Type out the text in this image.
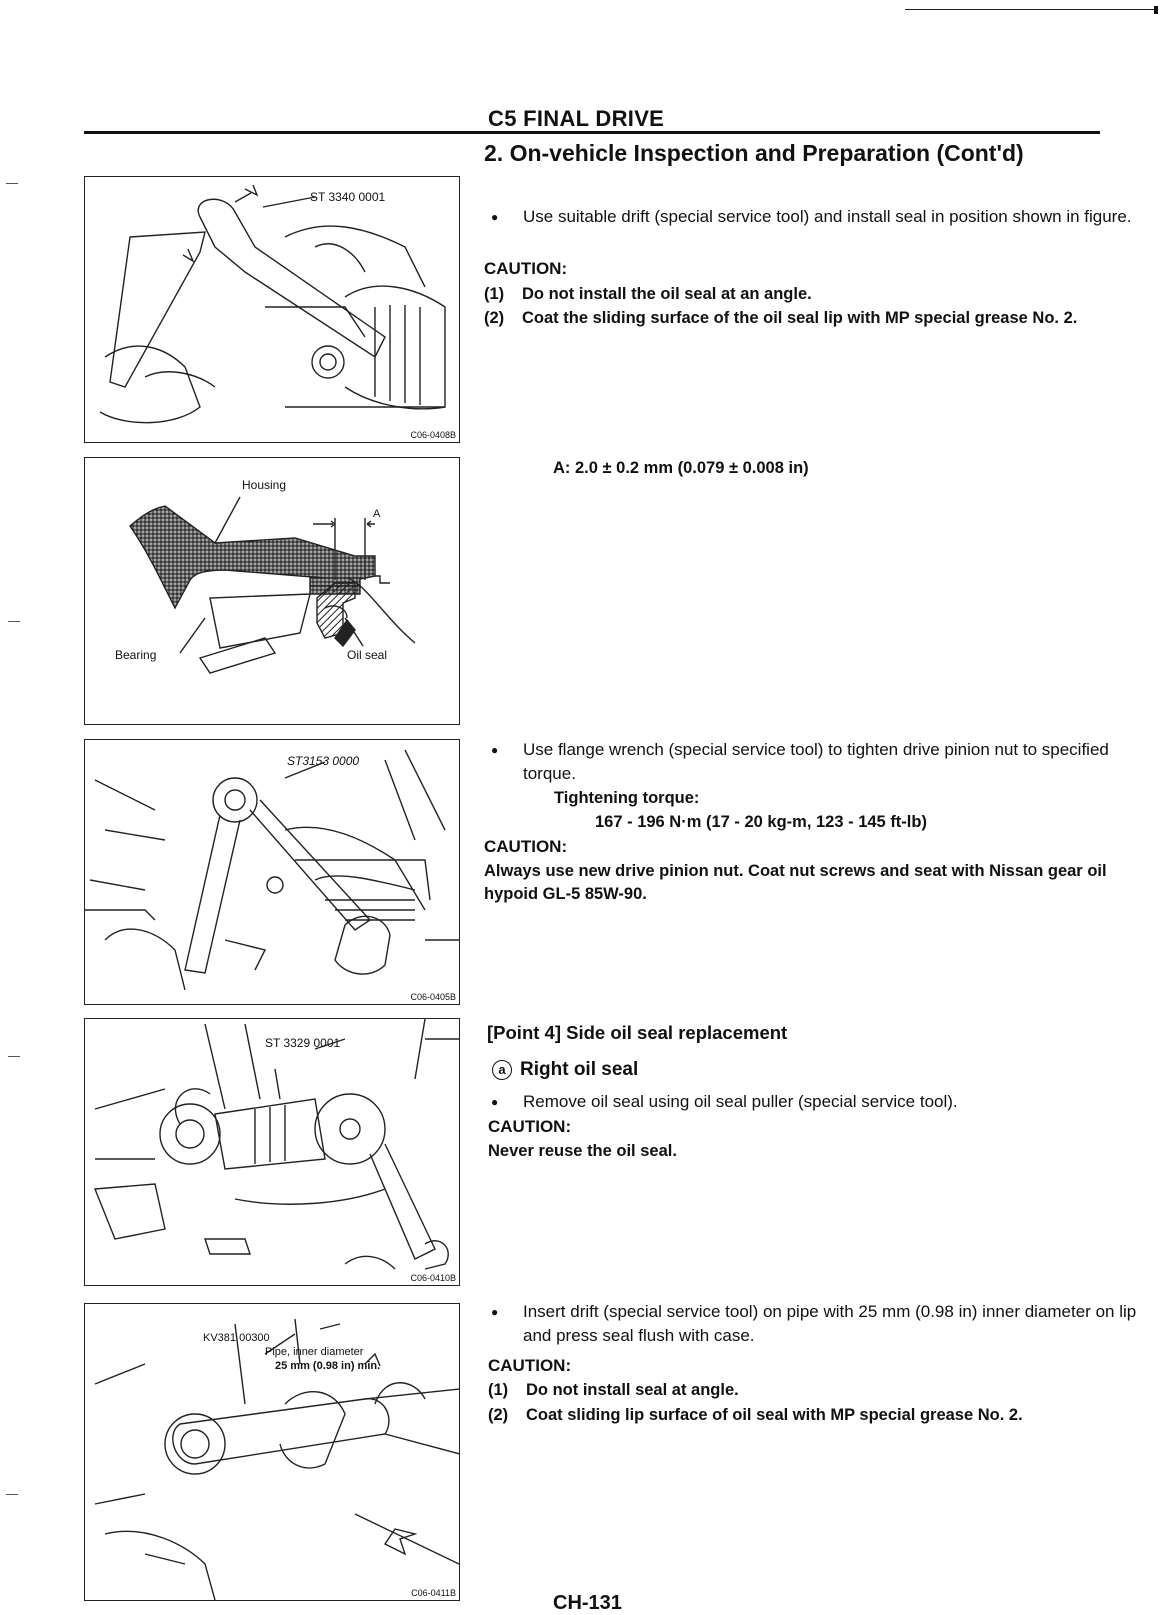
C5 FINAL DRIVE
2. On-vehicle Inspection and Preparation (Cont'd)
ST 3340 0001
C06-0408B
Housing
A
Bearing	Oil seal
ST3153 0000
C06-0405B
ST 3329 0001
C06-0410B
KV381 00300
Pipe, inner diameter
25 mm (0.98 in) min.
C06-0411B
● Use suitable drift (special service tool) and install seal in position shown in figure.
CAUTION:
(1) Do not install the oil seal at an angle.
(2) Coat the sliding surface of the oil seal lip with MP special grease No. 2.
A: 2.0 ± 0.2 mm (0.079 ± 0.008 in)
● Use flange wrench (special service tool) to tighten drive pinion nut to specified torque.
Tightening torque:
167 - 196 N·m (17 - 20 kg-m, 123 - 145 ft-lb)
CAUTION:
Always use new drive pinion nut. Coat nut screws and seat with Nissan gear oil hypoid GL-5 85W-90.
[Point 4] Side oil seal replacement
a Right oil seal
● Remove oil seal using oil seal puller (special service tool).
CAUTION:
Never reuse the oil seal.
● Insert drift (special service tool) on pipe with 25 mm (0.98 in) inner diameter on lip and press seal flush with case.
CAUTION:
(1) Do not install seal at angle.
(2) Coat sliding lip surface of oil seal with MP special grease No. 2.
CH-131
